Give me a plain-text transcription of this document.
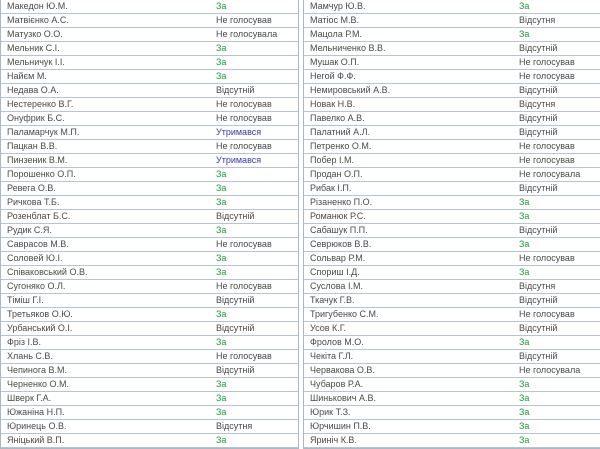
Македон Ю.М.	За
Матвієнко А.С.	Не голосував
Матузко О.О.	Не голосувала
Мельник С.І.	За
Мельничук І.І.	За
Найєм М.	За
Недава О.А.	Відсутній
Нестеренко В.Г.	Не голосував
Онуфрик Б.С.	Не голосував
Паламарчук М.П.	Утримався
Пацкан В.В.	Не голосував
Пинзеник В.М.	Утримався
Порошенко О.П.	За
Ревега О.В.	За
Ричкова Т.Б.	За
Розенблат Б.С.	Відсутній
Рудик С.Я.	За
Саврасов М.В.	Не голосував
Соловей Ю.І.	За
Співаковський О.В.	За
Сугоняко О.Л.	Не голосував
Тіміш Г.І.	Відсутній
Третьяков О.Ю.	За
Урбанський О.І.	Відсутній
Фріз І.В.	За
Хлань С.В.	Не голосував
Чепинога В.М.	Відсутній
Черненко О.М.	За
Шверк Г.А.	За
Южаніна Н.П.	За
Юринець О.В.	Відсутня
Яніцький В.П.	За
Мамчур Ю.В.	За
Матіос М.В.	Відсутня
Мацола Р.М.	За
Мельниченко В.В.	Відсутній
Мушак О.П.	Не голосував
Негой Ф.Ф.	Не голосував
Немировський А.В.	Відсутній
Новак Н.В.	Відсутня
Павелко А.В.	Відсутній
Палатний А.Л.	Відсутній
Петренко О.М.	Не голосував
Побер І.М.	Не голосував
Продан О.П.	Не голосувала
Рибак І.П.	Відсутній
Різаненко П.О.	За
Романюк Р.С.	За
Сабашук П.П.	Відсутній
Севрюков В.В.	За
Сольвар Р.М.	Не голосував
Спориш І.Д.	За
Суслова І.М.	Відсутня
Ткачук Г.В.	Відсутній
Тригубенко С.М.	Не голосував
Усов К.Г.	Відсутній
Фролов М.О.	За
Чекіта Г.Л.	Відсутній
Червакова О.В.	Не голосувала
Чубаров Р.А.	За
Шинькович А.В.	За
Юрик Т.З.	За
Юрчишин П.В.	За
Яриніч К.В.	За
